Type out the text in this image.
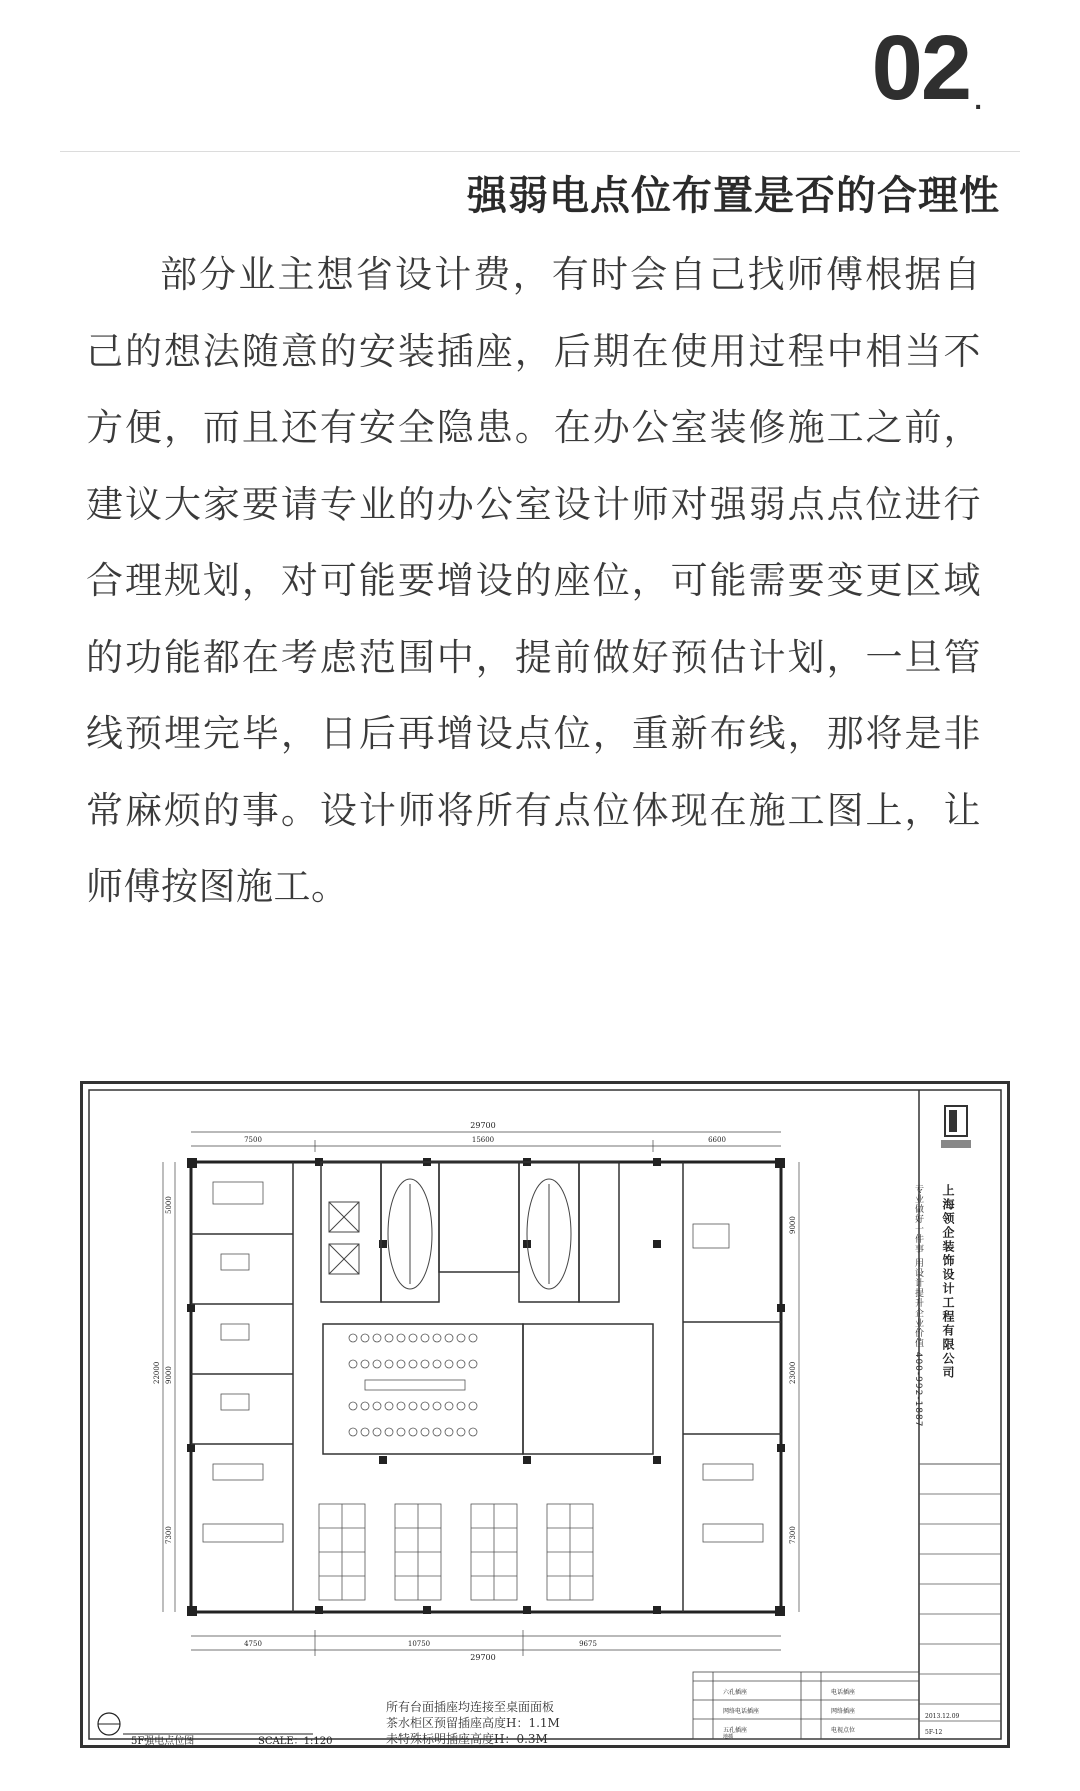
02 .
强弱电点位布置是否的合理性
部分业主想省设计费，有时会自己找师傅根据自己的想法随意的安装插座，后期在使用过程中相当不方便，而且还有安全隐患。在办公室装修施工之前，建议大家要请专业的办公室设计师对强弱点点位进行合理规划，对可能要增设的座位，可能需要变更区域的功能都在考虑范围中，提前做好预估计划，一旦管线预埋完毕，日后再增设点位，重新布线，那将是非常麻烦的事。设计师将所有点位体现在施工图上，让师傅按图施工。
29700
7500	15600	6600
4750	10750	9675
29700
5000
9000
7300
22000
9000
23000
7300
六孔插座	电话插座
网络电话插座	网络插座
五孔插座	电视点位
地插
2013.12.09
5F-12
上海领企装饰设计工程有限公司
专业做好一件事 用设计提升企业价值 400-992-1887
所有台面插座均连接至桌面面板
茶水柜区预留插座高度H：1.1M
未特殊标明插座高度H：0.3M
5F强电点位图	SCALE：1:120
